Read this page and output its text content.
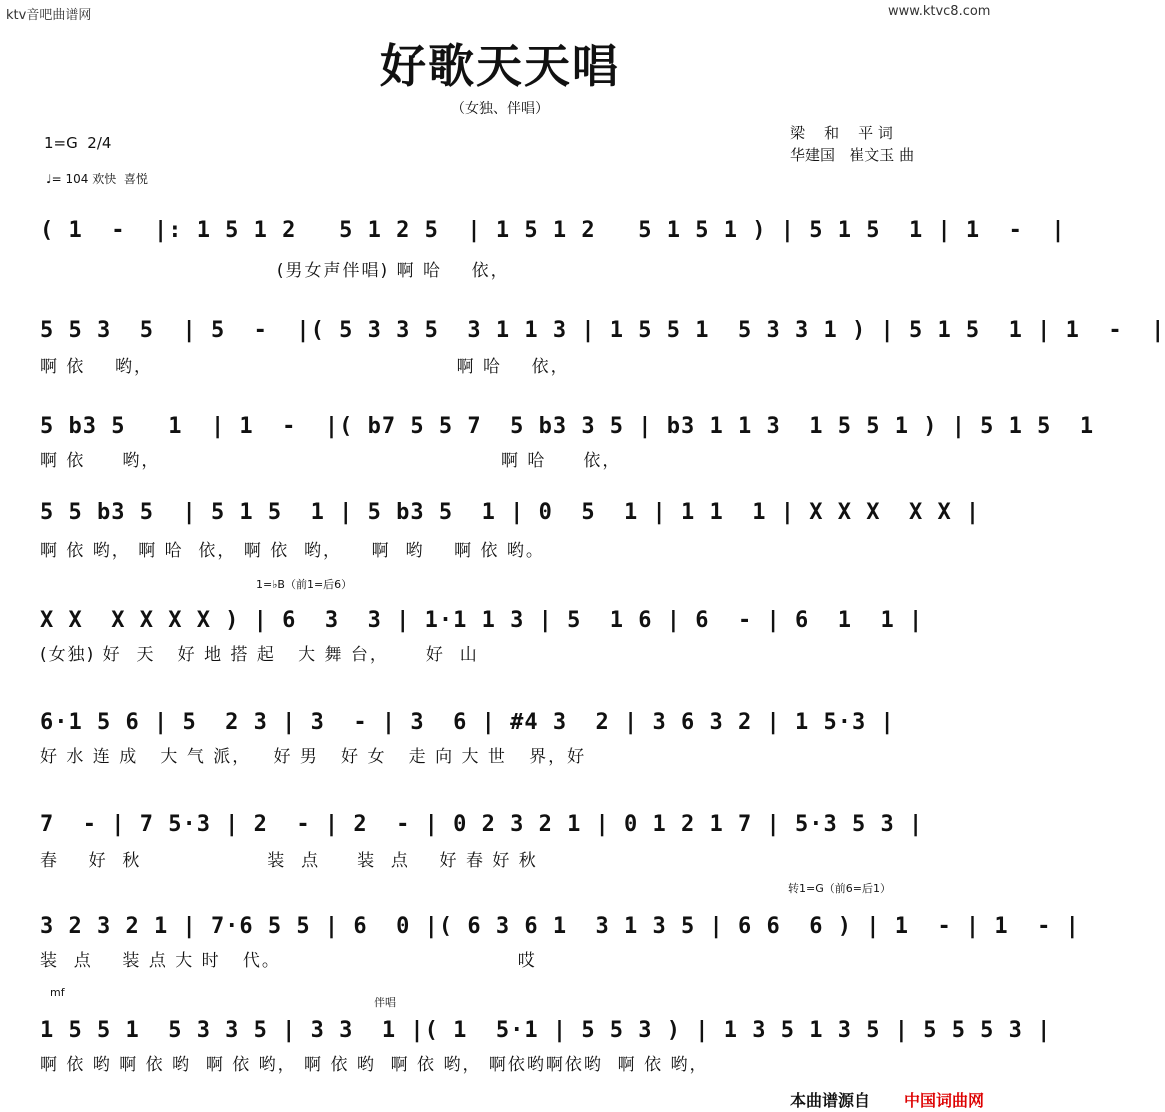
ktv音吧曲谱网	www.ktvc8.com
好歌天天唱
（女独、伴唱）
1=G  2/4
♩= 104 欢快  喜悦
梁    和    平 词
华建国   崔文玉 曲
( 1  -  |: 1 5 1 2   5 1 2 5  | 1 5 1 2   5 1 5 1 ) | 5 1 5  1 | 1  -  |
(男女声伴唱) 啊 哈    依，
5 5 3  5  | 5  -  |( 5 3 3 5  3 1 1 3 | 1 5 5 1  5 3 3 1 ) | 5 1 5  1 | 1  -  |
啊 依    哟，                                         啊 哈    依，
5 b3 5   1  | 1  -  |( b7 5 5 7  5 b3 3 5 | b3 1 1 3  1 5 5 1 ) | 5 1 5  1
啊 依     哟，                                              啊 哈     依，
5 5 b3 5  | 5 1 5  1 | 5 b3 5  1 | 0  5  1 | 1 1  1 | X X X  X X |
啊 依 哟， 啊 哈  依， 啊 依  哟，    啊  哟    啊 依 哟。
1=♭B（前1=后6）
X X  X X X X ) | 6  3  3 | 1·1 1 3 | 5  1 6 | 6  - | 6  1  1 |
(女独) 好  天   好 地 搭 起   大 舞 台，     好  山
6·1 5 6 | 5  2 3 | 3  - | 3  6 | #4 3  2 | 3 6 3 2 | 1 5·3 |
好 水 连 成   大 气 派，   好 男   好 女   走 向 大 世   界，好
7  - | 7 5·3 | 2  - | 2  - | 0 2 3 2 1 | 0 1 2 1 7 | 5·3 5 3 |
春    好  秋                 装  点     装  点    好 春 好 秋
转1=G（前6=后1）
3 2 3 2 1 | 7·6 5 5 | 6  0 |( 6 3 6 1  3 1 3 5 | 6 6  6 ) | 1  - | 1  - |
装  点    装 点 大 时   代。                                哎
mf
伴唱
1 5 5 1  5 3 3 5 | 3 3  1 |( 1  5·1 | 5 5 3 ) | 1 3 5 1 3 5 | 5 5 5 3 |
啊 依 哟 啊 依 哟  啊 依 哟， 啊 依 哟  啊 依 哟， 啊依哟啊依哟  啊 依 哟，
本曲谱源自 中国词曲网
